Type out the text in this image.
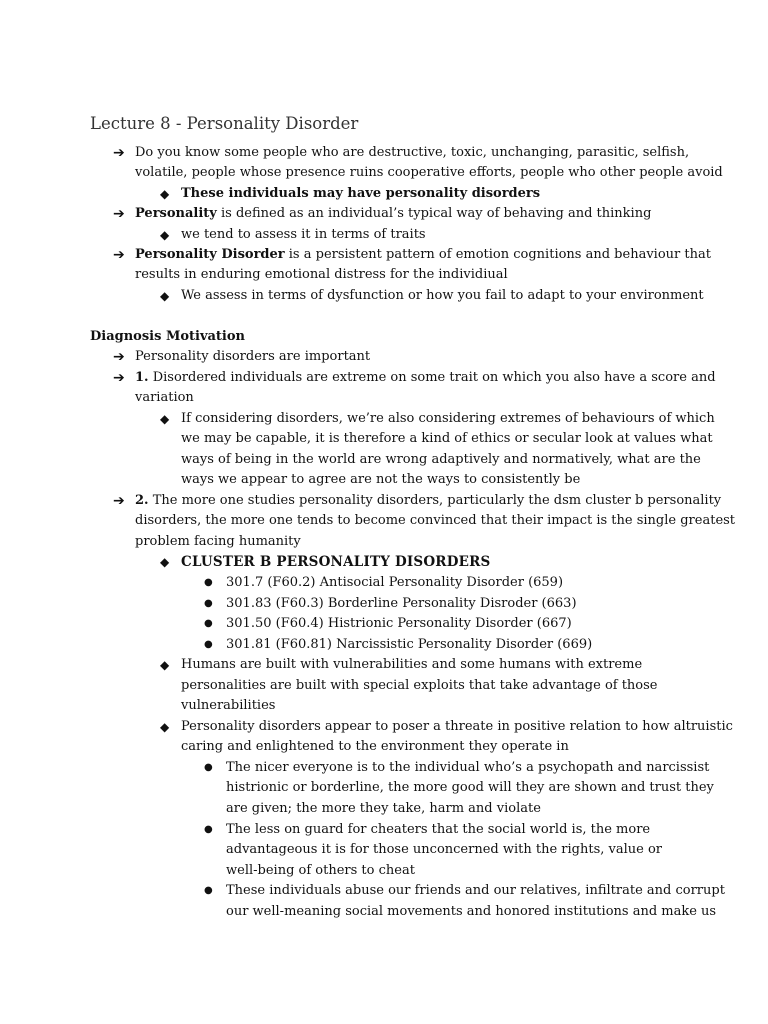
Lecture 8 - Personality Disorder
➔ Do you know some people who are destructive, toxic, unchanging, parasitic, selfish,
volatile, people whose presence ruins cooperative efforts, people who other people avoid
◆ These individuals may have personality disorders
➔ Personality is defined as an individual’s typical way of behaving and thinking
◆ we tend to assess it in terms of traits
➔ Personality Disorder is a persistent pattern of emotion cognitions and behaviour that
results in enduring emotional distress for the individiual
◆ We assess in terms of dysfunction or how you fail to adapt to your environment
Diagnosis Motivation
➔ Personality disorders are important
➔ 1. Disordered individuals are extreme on some trait on which you also have a score and
variation
◆ If considering disorders, we’re also considering extremes of behaviours of which
we may be capable, it is therefore a kind of ethics or secular look at values what
ways of being in the world are wrong adaptively and normatively, what are the
ways we appear to agree are not the ways to consistently be
➔ 2. The more one studies personality disorders, particularly the dsm cluster b personality
disorders, the more one tends to become convinced that their impact is the single greatest
problem facing humanity
◆ CLUSTER B PERSONALITY DISORDERS
● 301.7 (F60.2) Antisocial Personality Disorder (659)
● 301.83 (F60.3) Borderline Personality Disroder (663)
● 301.50 (F60.4) Histrionic Personality Disorder (667)
● 301.81 (F60.81) Narcissistic Personality Disorder (669)
◆ Humans are built with vulnerabilities and some humans with extreme
personalities are built with special exploits that take advantage of those
vulnerabilities
◆ Personality disorders appear to poser a threate in positive relation to how altruistic
caring and enlightened to the environment they operate in
● The nicer everyone is to the individual who’s a psychopath and narcissist
histrionic or borderline, the more good will they are shown and trust they
are given; the more they take, harm and violate
● The less on guard for cheaters that the social world is, the more
advantageous it is for those unconcerned with the rights, value or
well-being of others to cheat
● These individuals abuse our friends and our relatives, infiltrate and corrupt
our well-meaning social movements and honored institutions and make us
